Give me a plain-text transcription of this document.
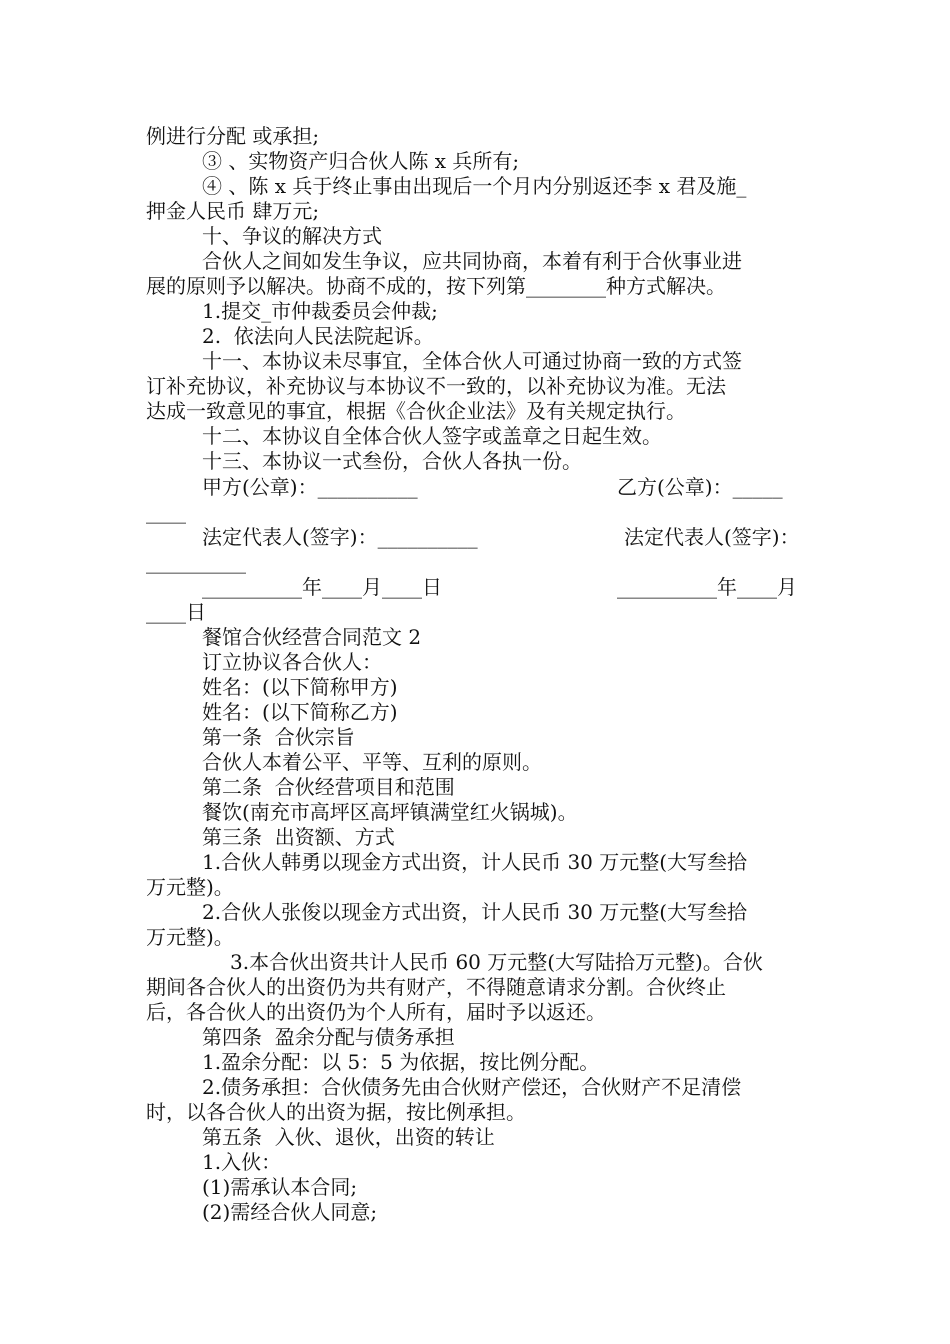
例进行分配 或承担;
③ 、实物资产归合伙人陈 x 兵所有;
④ 、陈 x 兵于终止事由出现后一个月内分别返还李 x 君及施_
押金人民币 肆万元;
十、争议的解决方式
合伙人之间如发生争议，应共同协商，本着有利于合伙事业进
展的原则予以解决。协商不成的，按下列第________种方式解决。
1.提交_市仲裁委员会仲裁;
2.  依法向人民法院起诉。
十一、本协议未尽事宜，全体合伙人可通过协商一致的方式签
订补充协议，补充协议与本协议不一致的，以补充协议为准。无法
达成一致意见的事宜，根据《合伙企业法》及有关规定执行。
十二、本协议自全体合伙人签字或盖章之日起生效。
十三、本协议一式叁份，合伙人各执一份。
甲方(公章)：__________	乙方(公章)：_____
____
法定代表人(签字)：__________	法定代表人(签字)：
__________
__________年____月____日	__________年____月
____日
餐馆合伙经营合同范文 2
订立协议各合伙人：
姓名：(以下简称甲方)
姓名：(以下简称乙方)
第一条  合伙宗旨
合伙人本着公平、平等、互利的原则。
第二条  合伙经营项目和范围
餐饮(南充市高坪区高坪镇满堂红火锅城)。
第三条  出资额、方式
1.合伙人韩勇以现金方式出资，计人民币 30 万元整(大写叁拾
万元整)。
2.合伙人张俊以现金方式出资，计人民币 30 万元整(大写叁拾
万元整)。
3.本合伙出资共计人民币 60 万元整(大写陆拾万元整)。合伙
期间各合伙人的出资仍为共有财产，不得随意请求分割。合伙终止
后，各合伙人的出资仍为个人所有，届时予以返还。
第四条  盈余分配与债务承担
1.盈余分配：以 5：5 为依据，按比例分配。
2.债务承担：合伙债务先由合伙财产偿还，合伙财产不足清偿
时，以各合伙人的出资为据，按比例承担。
第五条  入伙、退伙，出资的转让
1.入伙：
(1)需承认本合同;
(2)需经合伙人同意;
